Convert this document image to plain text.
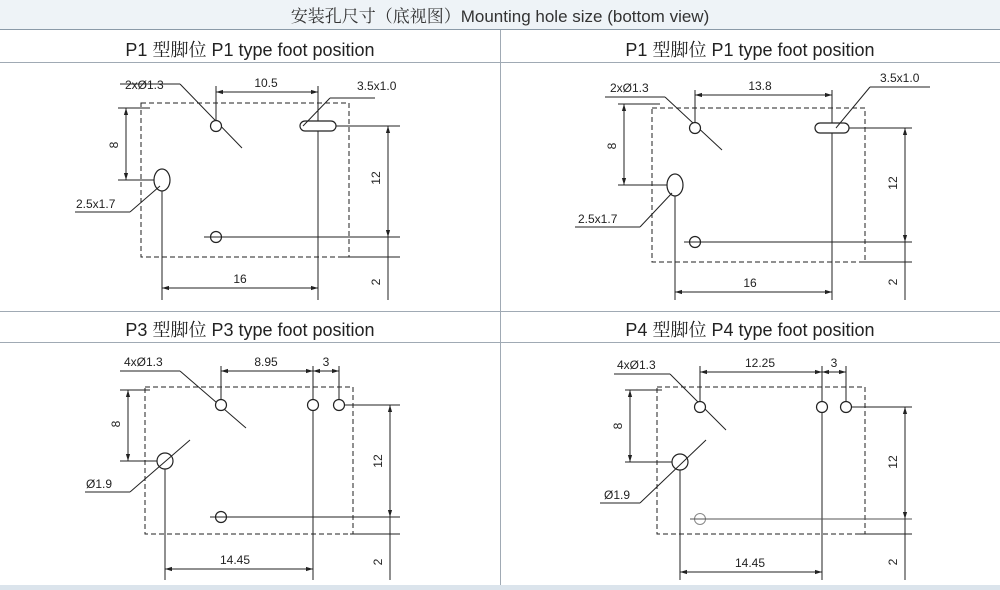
安装孔尺寸（底视图）Mounting hole size (bottom view)
P1 型脚位 P1 type foot position	P1 型脚位 P1 type foot position
P3 型脚位 P3 type foot position	P4 型脚位 P4 type foot position
10.5
2xØ1.3	3.5x1.0
8
2.5x1.7
12
2
16
13.8
2xØ1.3
3.5x1.0
8
2.5x1.7
12
2
16
8.95	3
4xØ1.3
8
Ø1.9
12
2
14.45
12.25	3
4xØ1.3
8
Ø1.9
12
2
14.45
